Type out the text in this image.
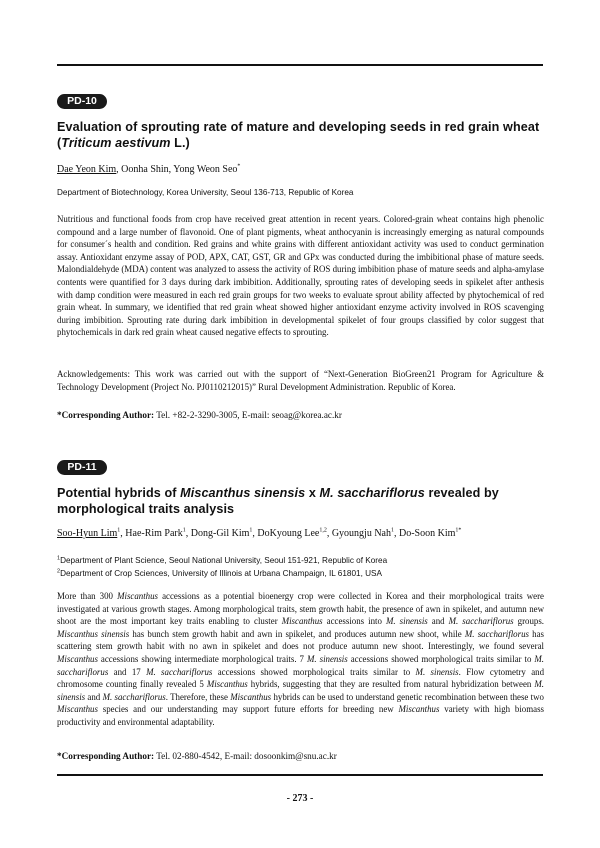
PD-10
Evaluation of sprouting rate of mature and developing seeds in red grain wheat (Triticum aestivum L.)
Dae Yeon Kim, Oonha Shin, Yong Weon Seo*
Department of Biotechnology, Korea University, Seoul 136-713, Republic of Korea

Nutritious and functional foods from crop have received great attention in recent years. Colored-grain wheat contains high phenolic compound and a large number of flavonoid. One of plant pigments, wheat anthocyanin is increasingly emerging as natural compounds for consumer´s health and condition. Red grains and white grains with different antioxidant activity was used to conduct germination assay. Antioxidant enzyme assay of POD, APX, CAT, GST, GR and GPx was conducted during the imbibitional phase of mature seeds. Malondialdehyde (MDA) content was analyzed to assess the activity of ROS during imbibition phase of mature seeds and alpha-amylase contents were quantified for 3 days during dark imbibition. Additionally, sprouting rates of developing seeds in spikelet after anthesis with damp condition were measured in each red grain groups for two weeks to evaluate sprout ability affected by phytochemical of red grain wheat. In summary, we identified that red grain wheat showed higher antioxidant enzyme activity involved in ROS scavenging during imbibition. Sprouting rate during dark imbibition in developmental spikelet of four groups classified by color suggest that phytochemicals in dark red grain wheat caused negative effects to sprouting.

Acknowledgements: This work was carried out with the support of “Next-Generation BioGreen21 Program for Agriculture & Technology Development (Project No. PJ0110212015)” Rural Development Administration. Republic of Korea.

*Corresponding Author: Tel. +82-2-3290-3005, E-mail: seoag@korea.ac.kr
PD-11
Potential hybrids of Miscanthus sinensis x M. sacchariflorus revealed by morphological traits analysis
Soo-Hyun Lim$^1$, Hae-Rim Park$^1$, Dong-Gil Kim$^1$, DoKyoung Lee$^{1,2}$, Gyoungju Nah$^1$, Do-Soon Kim$^{1*}$
$^1$Department of Plant Science, Seoul National University, Seoul 151-921, Republic of Korea
$^2$Department of Crop Sciences, University of Illinois at Urbana Champaign, IL 61801, USA

More than 300 Miscanthus accessions as a potential bioenergy crop were collected in Korea and their morphological traits were investigated at various growth stages. Among morphological traits, stem growth habit, the presence of awn in spikelet, and autumn new shoot are the most important key traits enabling to cluster Miscanthus accessions into M. sinensis and M. sacchariflorus groups. Miscanthus sinensis has bunch stem growth habit and awn in spikelet, and produces autumn new shoot, while M. sacchariflorus has scattering stem growth habit with no awn in spikelet and does not produce autumn new shoot. Interestingly, we found several Miscanthus accessions showing intermediate morphological traits. 7 M. sinensis accessions showed morphological traits similar to M. sacchariflorus and 17 M. sacchariflorus accessions showed morphological traits similar to M. sinensis. Flow cytometry and chromosome counting finally revealed 5 Miscanthus hybrids, suggesting that they are resulted from natural hybridization between M. sinensis and M. sacchariflorus. Therefore, these Miscanthus hybrids can be used to understand genetic recombination between these two Miscanthus species and our understanding may support future efforts for breeding new Miscanthus variety with high biomass productivity and environmental adaptability.

*Corresponding Author: Tel. 02-880-4542, E-mail: dosoonkim@snu.ac.kr
- 273 -
